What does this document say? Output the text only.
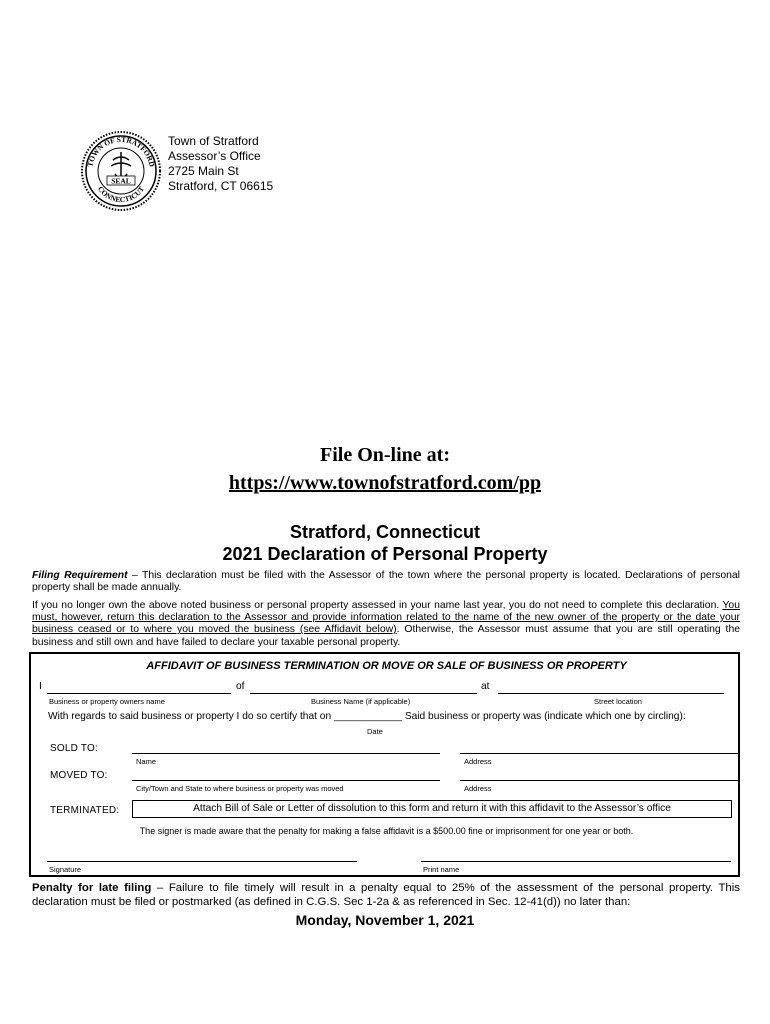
TOWN OF STRATFORD
CONNECTICUT
SEAL
Town of Stratford
Assessor’s Office
2725 Main St
Stratford, CT 06615
File On-line at:
https://www.townofstratford.com/pp
Stratford, Connecticut
2021 Declaration of Personal Property
Filing Requirement – This declaration must be filed with the Assessor of the town where the personal property is located. Declarations of personal property shall be made annually.
If you no longer own the above noted business or personal property assessed in your name last year, you do not need to complete this declaration. You must, however, return this declaration to the Assessor and provide information related to the name of the new owner of the property or the date your business ceased or to where you moved the business (see Affidavit below). Otherwise, the Assessor must assume that you are still operating the business and still own and have failed to declare your taxable personal property.
AFFIDAVIT OF BUSINESS TERMINATION OR MOVE OR SALE OF BUSINESS OR PROPERTY
I	of	at
Business or property owners name	Business Name (if applicable)	Street location
With regards to said business or property I do so certify that on ____________ Said business or property was (indicate which one by circling):
Date
SOLD TO:
Name	Address
MOVED TO:
City/Town and State to where business or property was moved	Address
TERMINATED:	Attach Bill of Sale or Letter of dissolution to this form and return it with this affidavit to the Assessor’s office
The signer is made aware that the penalty for making a false affidavit is a $500.00 fine or imprisonment for one year or both.
Signature	Print name
Penalty for late filing – Failure to file timely will result in a penalty equal to 25% of the assessment of the personal property. This declaration must be filed or postmarked (as defined in C.G.S. Sec 1-2a & as referenced in Sec. 12-41(d)) no later than:
Monday, November 1, 2021
